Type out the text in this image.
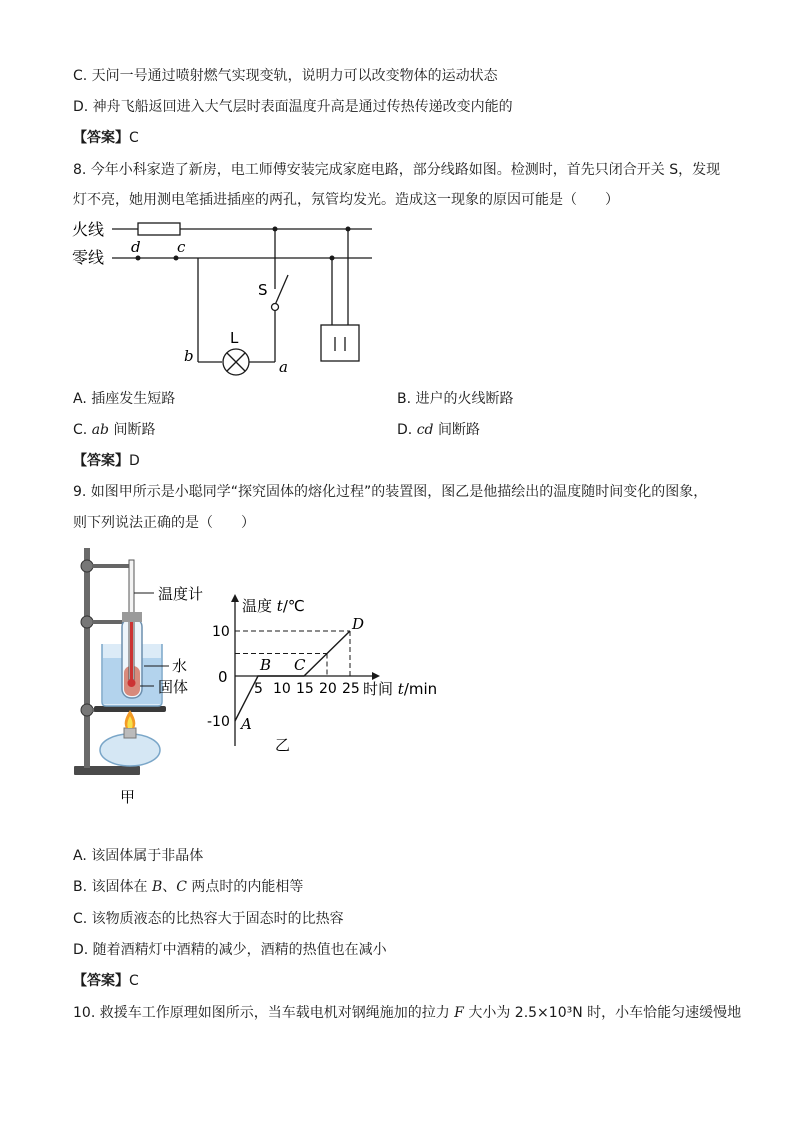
C. 天问一号通过喷射燃气实现变轨，说明力可以改变物体的运动状态
D. 神舟飞船返回进入大气层时表面温度升高是通过传热传递改变内能的
【答案】C
8. 今年小科家造了新房，电工师傅安装完成家庭电路，部分线路如图。检测时，首先只闭合开关 S，发现
灯不亮，她用测电笔插进插座的两孔，氖管均发光。造成这一现象的原因可能是（　　）
火线
零线
d c
S
L
b
a
A. 插座发生短路	B. 进户的火线断路
C. ab 间断路	D. cd 间断路
【答案】D
9. 如图甲所示是小聪同学“探究固体的熔化过程”的装置图，图乙是他描绘出的温度随时间变化的图象，
则下列说法正确的是（　　）
温度计
水
固体
甲
5 10 15 20 25
-10
10
A
B C
D
温度 t/℃
时间 t/min
0
乙
A. 该固体属于非晶体
B. 该固体在 B、C 两点时的内能相等
C. 该物质液态的比热容大于固态时的比热容
D. 随着酒精灯中酒精的减少，酒精的热值也在减小
【答案】C
10. 救援车工作原理如图所示，当车载电机对钢绳施加的拉力 F 大小为 2.5×10³N 时，小车恰能匀速缓慢地
